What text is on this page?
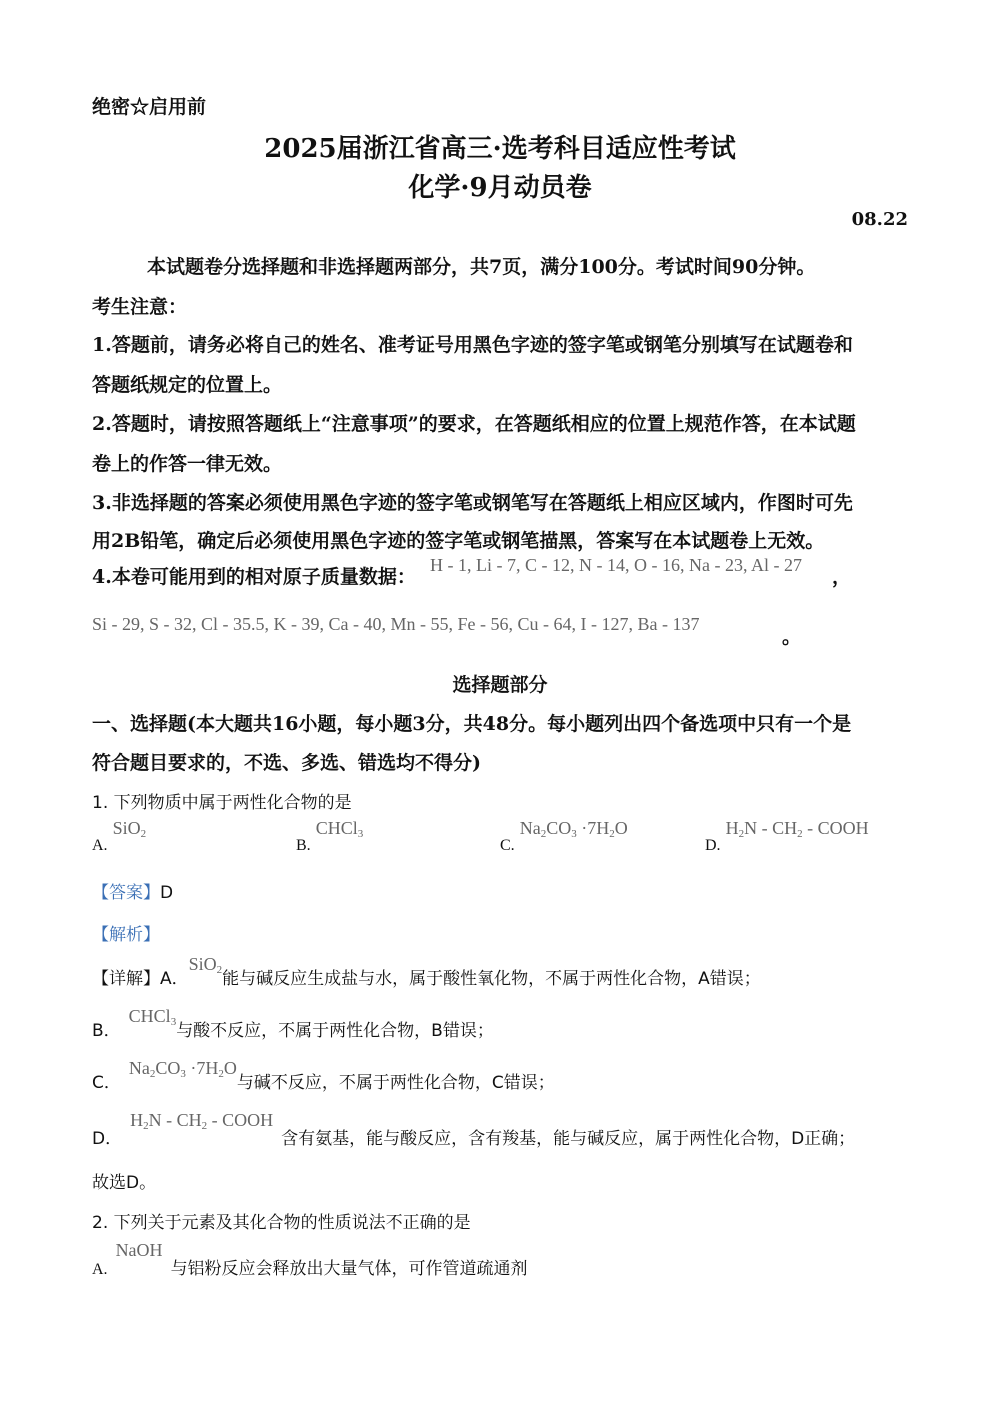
绝密☆启用前
2025届浙江省高三·选考科目适应性考试
化学·9月动员卷
08.22
本试题卷分选择题和非选择题两部分，共7页，满分100分。考试时间90分钟。
考生注意：
1.答题前，请务必将自己的姓名、准考证号用黑色字迹的签字笔或钢笔分别填写在试题卷和
答题纸规定的位置上。
2.答题时，请按照答题纸上“注意事项”的要求，在答题纸相应的位置上规范作答，在本试题
卷上的作答一律无效。
3.非选择题的答案必须使用黑色字迹的签字笔或钢笔写在答题纸上相应区域内，作图时可先
用2B铅笔，确定后必须使用黑色字迹的签字笔或钢笔描黑，答案写在本试题卷上无效。
4.本卷可能用到的相对原子质量数据：
H - 1, Li - 7, C - 12, N - 14, O - 16, Na - 23, Al - 27
，
Si - 29, S - 32, Cl - 35.5, K - 39, Ca - 40, Mn - 55, Fe - 56, Cu - 64, I - 127, Ba - 137
。
选择题部分
一、选择题(本大题共16小题，每小题3分，共48分。每小题列出四个备选项中只有一个是
符合题目要求的，不选、多选、错选均不得分)
1. 下列物质中属于两性化合物的是
A. SiO$_2$
B. CHCl$_3$
C. $Na_2CO_3 \cdot 7H_2O$
D. $H_2N - CH_2$ - COOH
【答案】D
【解析】
【详解】A．SiO$_2$能与碱反应生成盐与水，属于酸性氧化物，不属于两性化合物，A错误；
B．CHCl$_3$与酸不反应，不属于两性化合物，B错误；
C．$Na_2CO_3 \cdot 7H_2O$与碱不反应，不属于两性化合物，C错误；
D．$H_2N - CH_2$ - COOH含有氨基，能与酸反应，含有羧基，能与碱反应，属于两性化合物，D正确；
故选D。
2. 下列关于元素及其化合物的性质说法不正确的是
A.NaOH与铝粉反应会释放出大量气体，可作管道疏通剂
